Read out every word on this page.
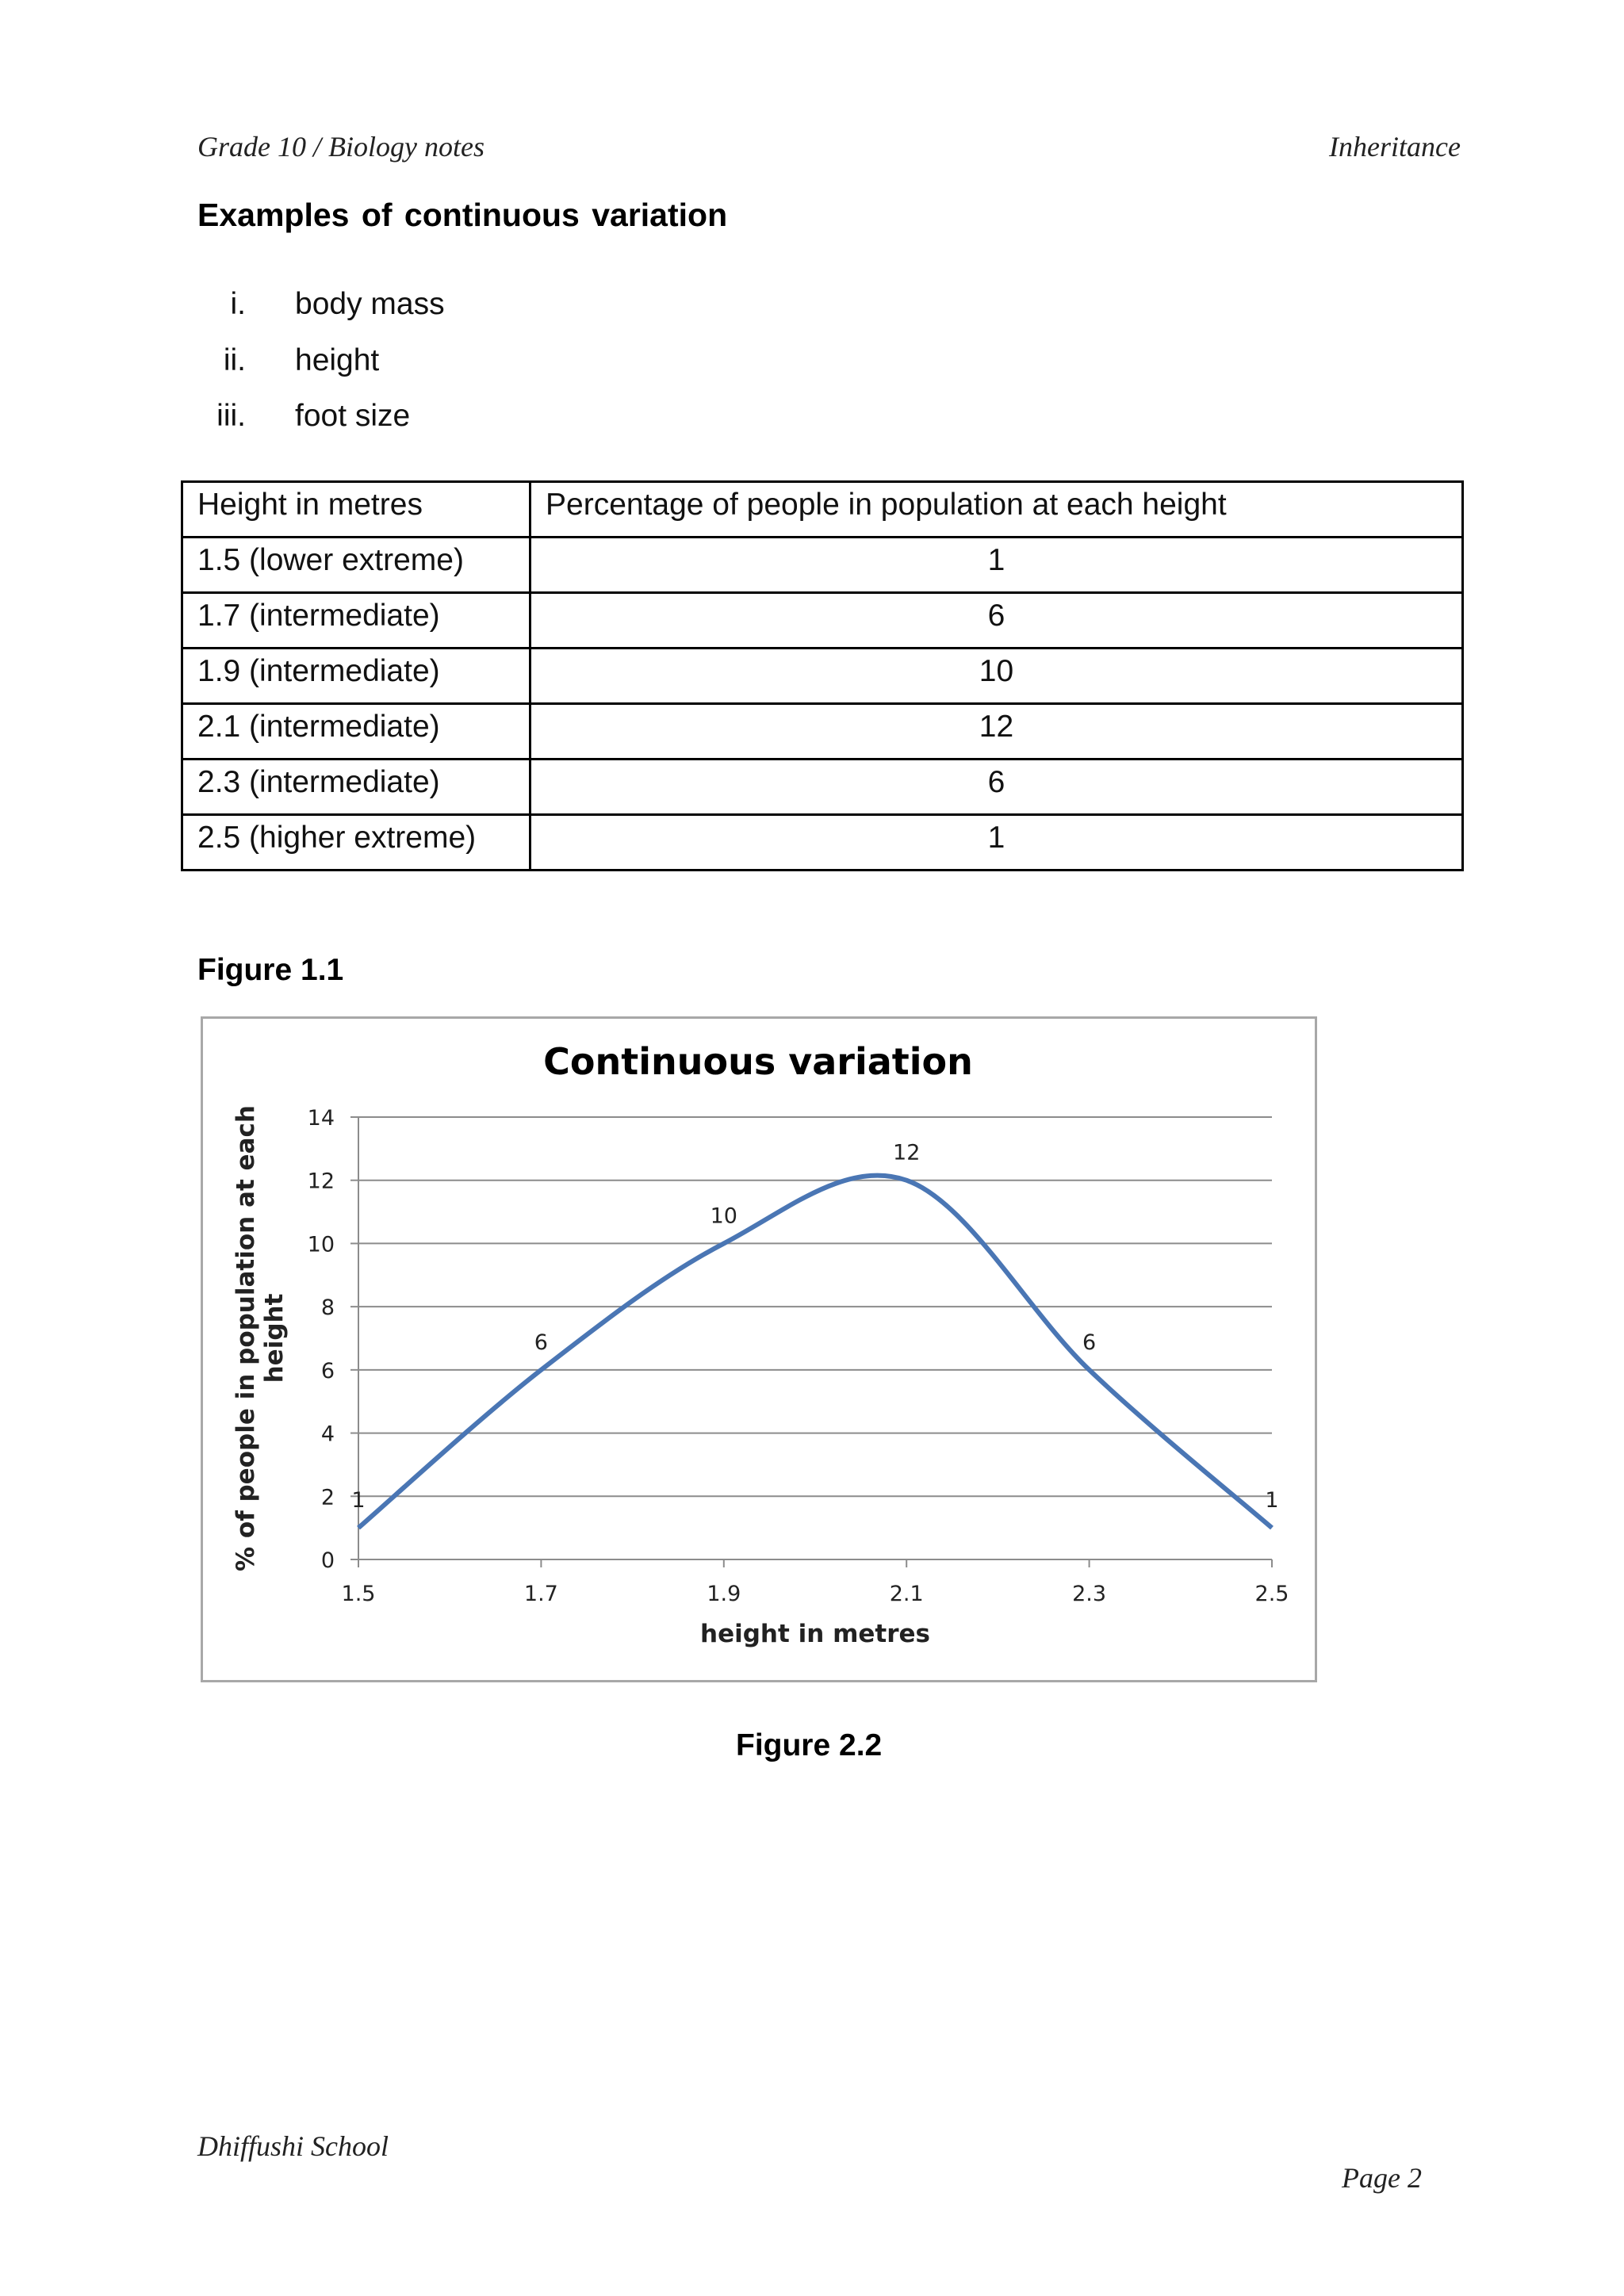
Grade 10 / Biology notes	Inheritance
Examples of continuous variation
i. body mass
ii. height
iii. foot size
Height in metres	Percentage of people in population at each height
1.5 (lower extreme)	1
1.7 (intermediate)	6
1.9 (intermediate)	10
2.1 (intermediate)	12
2.3 (intermediate)	6
2.5 (higher extreme)	1
Figure 1.1
Continuous variation
0
2
4
6
8
10
12
14
1.5	1.7	1.9	2.1	2.3	2.5
height in metres
% of people in population at eachheight
1
6
10
12
6
1
Figure 2.2
Dhiffushi School
Page 2
